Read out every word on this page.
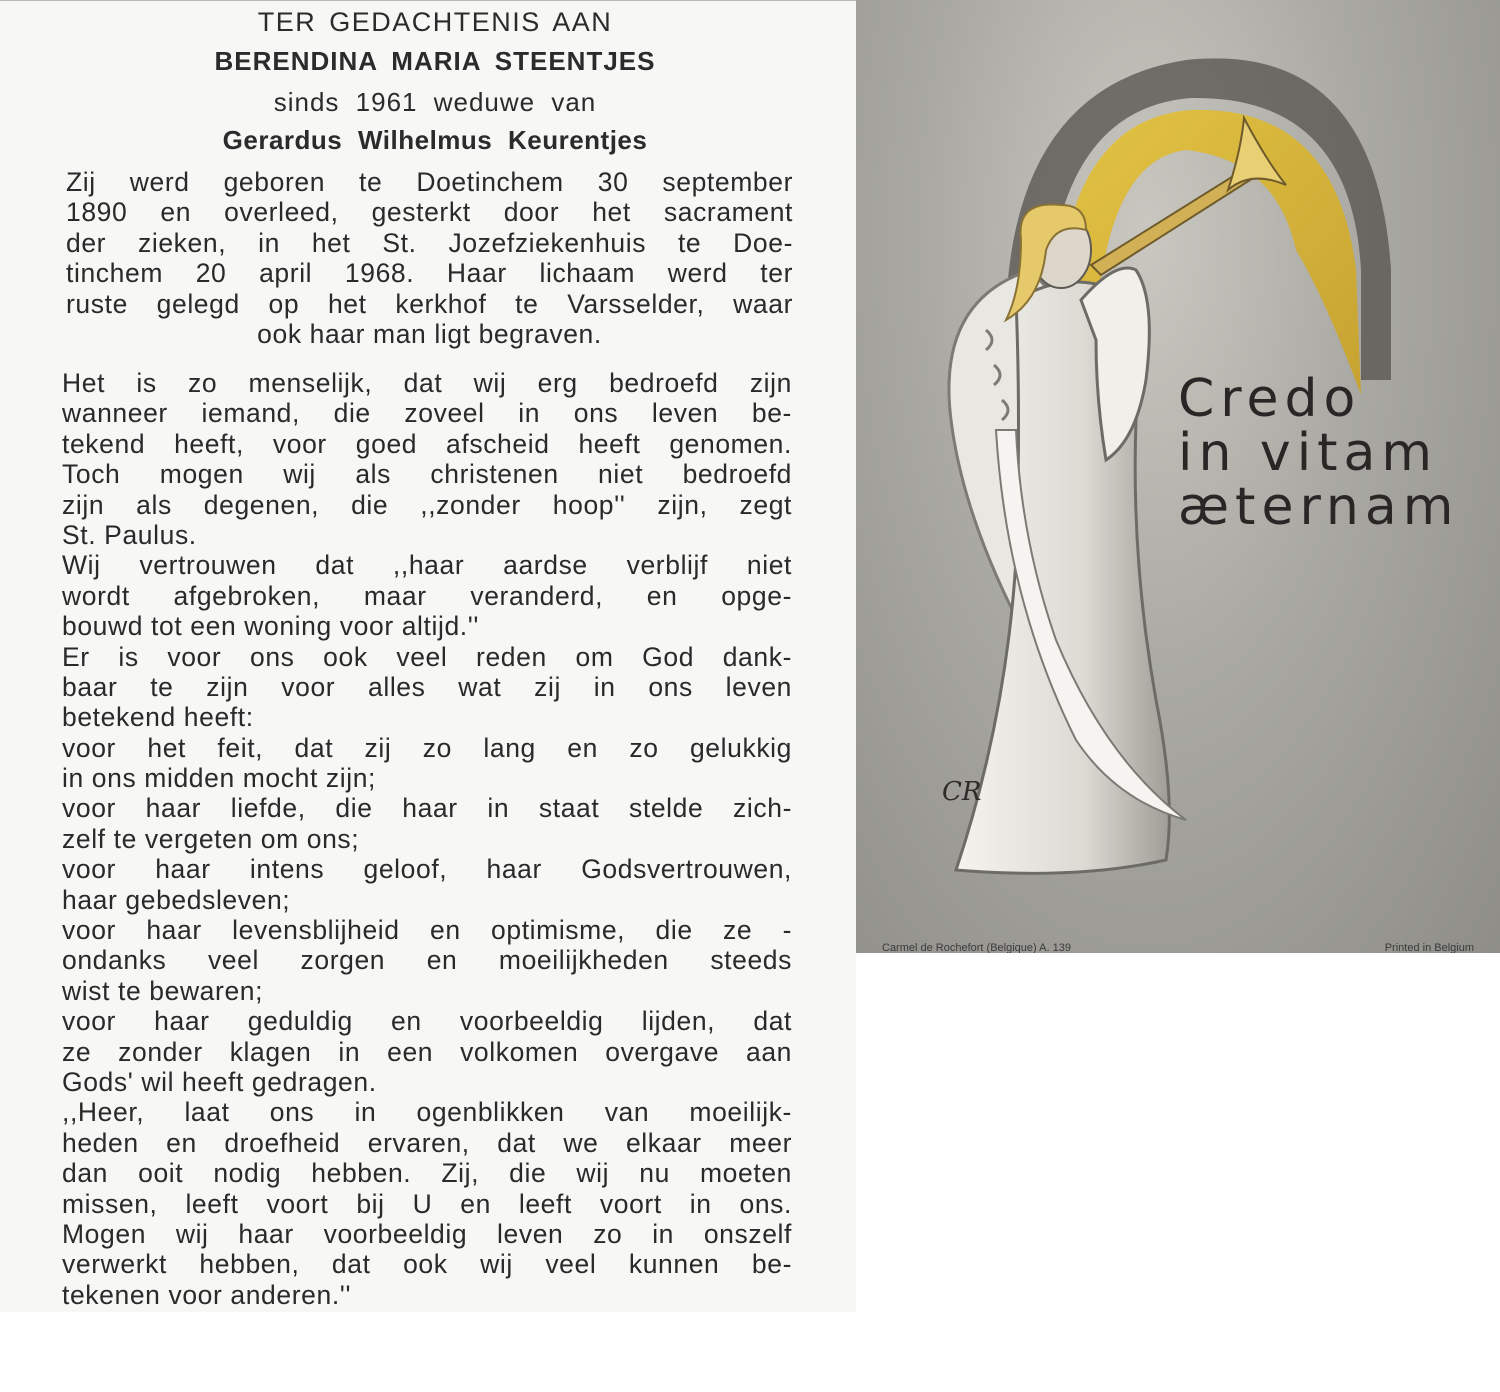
TER GEDACHTENIS AAN
BERENDINA MARIA STEENTJES
sinds 1961 weduwe van
Gerardus Wilhelmus Keurentjes
Zij werd geboren te Doetinchem 30 september
1890 en overleed, gesterkt door het sacrament
der zieken, in het St. Jozefziekenhuis te Doe-
tinchem 20 april 1968. Haar lichaam werd ter
ruste gelegd op het kerkhof te Varsselder, waar
ook haar man ligt begraven.
Het is zo menselijk, dat wij erg bedroefd zijn
wanneer iemand, die zoveel in ons leven be-
tekend heeft, voor goed afscheid heeft genomen.
Toch mogen wij als christenen niet bedroefd
zijn als degenen, die ,,zonder hoop'' zijn, zegt
St. Paulus.
Wij vertrouwen dat ,,haar aardse verblijf niet
wordt afgebroken, maar veranderd, en opge-
bouwd tot een woning voor altijd.''
Er is voor ons ook veel reden om God dank-
baar te zijn voor alles wat zij in ons leven
betekend heeft:
voor het feit, dat zij zo lang en zo gelukkig
in ons midden mocht zijn;
voor haar liefde, die haar in staat stelde zich-
zelf te vergeten om ons;
voor haar intens geloof, haar Godsvertrouwen,
haar gebedsleven;
voor haar levensblijheid en optimisme, die ze -
ondanks veel zorgen en moeilijkheden steeds
wist te bewaren;
voor haar geduldig en voorbeeldig lijden, dat
ze zonder klagen in een volkomen overgave aan
Gods' wil heeft gedragen.
,,Heer, laat ons in ogenblikken van moeilijk-
heden en droefheid ervaren, dat we elkaar meer
dan ooit nodig hebben. Zij, die wij nu moeten
missen, leeft voort bij U en leeft voort in ons.
Mogen wij haar voorbeeldig leven zo in onszelf
verwerkt hebben, dat ook wij veel kunnen be-
tekenen voor anderen.''
CR
Credo
in vitam
æternam
Carmel de Rochefort (Belgique) A. 139	Printed in Belgium
